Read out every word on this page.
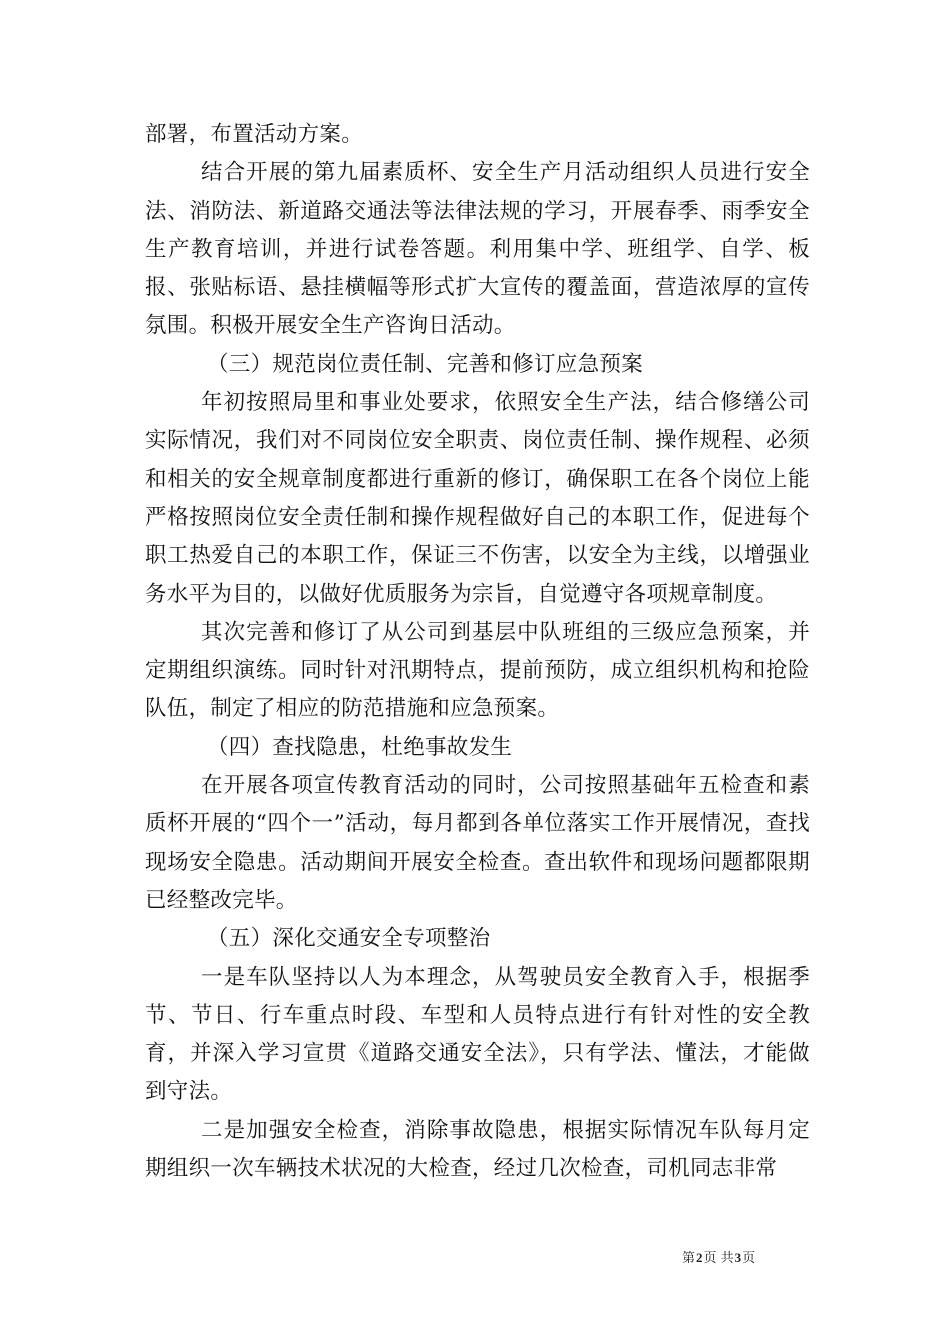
部署，布置活动方案。

结合开展的第九届素质杯、安全生产月活动组织人员进行安全法、消防法、新道路交通法等法律法规的学习，开展春季、雨季安全生产教育培训，并进行试卷答题。利用集中学、班组学、自学、板报、张贴标语、悬挂横幅等形式扩大宣传的覆盖面，营造浓厚的宣传氛围。积极开展安全生产咨询日活动。

（三）规范岗位责任制、完善和修订应急预案

年初按照局里和事业处要求，依照安全生产法，结合修缮公司实际情况，我们对不同岗位安全职责、岗位责任制、操作规程、必须和相关的安全规章制度都进行重新的修订，确保职工在各个岗位上能严格按照岗位安全责任制和操作规程做好自己的本职工作，促进每个职工热爱自己的本职工作，保证三不伤害，以安全为主线，以增强业务水平为目的，以做好优质服务为宗旨，自觉遵守各项规章制度。

其次完善和修订了从公司到基层中队班组的三级应急预案，并定期组织演练。同时针对汛期特点，提前预防，成立组织机构和抢险队伍，制定了相应的防范措施和应急预案。

（四）查找隐患，杜绝事故发生

在开展各项宣传教育活动的同时，公司按照基础年五检查和素质杯开展的“四个一”活动，每月都到各单位落实工作开展情况，查找现场安全隐患。活动期间开展安全检查。查出软件和现场问题都限期已经整改完毕。

（五）深化交通安全专项整治

一是车队坚持以人为本理念，从驾驶员安全教育入手，根据季节、节日、行车重点时段、车型和人员特点进行有针对性的安全教育，并深入学习宣贯《道路交通安全法》，只有学法、懂法，才能做到守法。

二是加强安全检查，消除事故隐患，根据实际情况车队每月定期组织一次车辆技术状况的大检查，经过几次检查，司机同志非常

第2页 共3页
